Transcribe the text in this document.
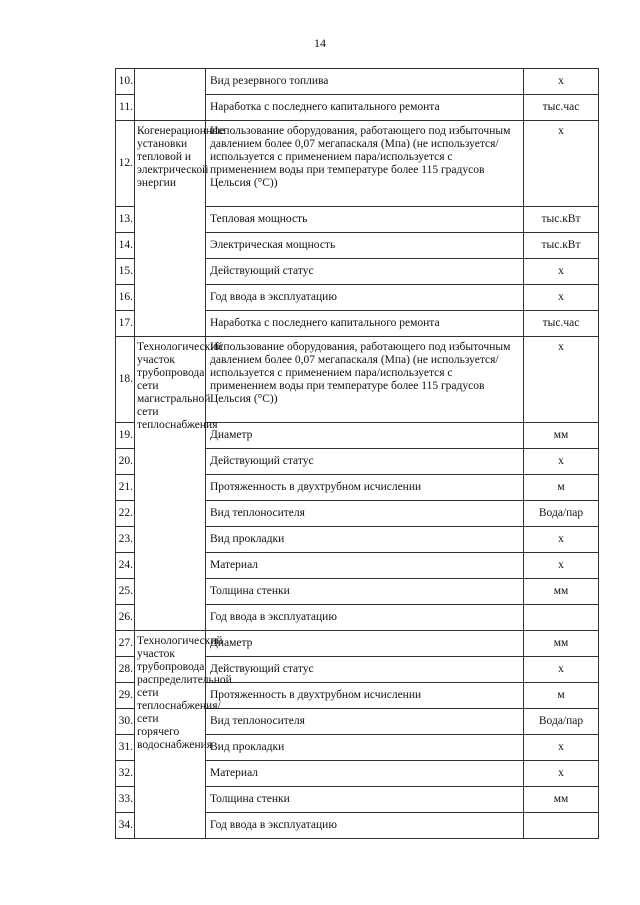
14
10.		Вид резервного топлива	х
11.		Наработка с последнего капитального ремонта	тыс.час
12.	Когенерационные установки тепловой и электрической энергии	Использование оборудования, работающего под избыточным давлением более 0,07 мегапаскаля (Мпа) (не используется/используется с применением пара/используется с применением воды при температуре более 115 градусов Цельсия (°С))	х
13.		Тепловая мощность	тыс.кВт
14.		Электрическая мощность	тыс.кВт
15.		Действующий статус	х
16.		Год ввода в эксплуатацию	х
17.		Наработка с последнего капитального ремонта	тыс.час
18.	Технологический участок трубопровода сети магистральной сети теплоснабжения	Использование оборудования, работающего под избыточным давлением более 0,07 мегапаскаля (Мпа) (не используется/используется с применением пара/используется с применением воды при температуре более 115 градусов Цельсия (°С))	х
19.		Диаметр	мм
20.		Действующий статус	х
21.		Протяженность в двухтрубном исчислении	м
22.		Вид теплоносителя	Вода/пар
23.		Вид прокладки	х
24.		Материал	х
25.		Толщина стенки	мм
26.		Год ввода в эксплуатацию	
27.	Технологический участок трубопровода распределительной сети теплоснабжения/ сети горячего водоснабжения	Диаметр	мм
28.		Действующий статус	х
29.		Протяженность в двухтрубном исчислении	м
30.		Вид теплоносителя	Вода/пар
31.		Вид прокладки	х
32.		Материал	х
33.		Толщина стенки	мм
34.		Год ввода в эксплуатацию	
